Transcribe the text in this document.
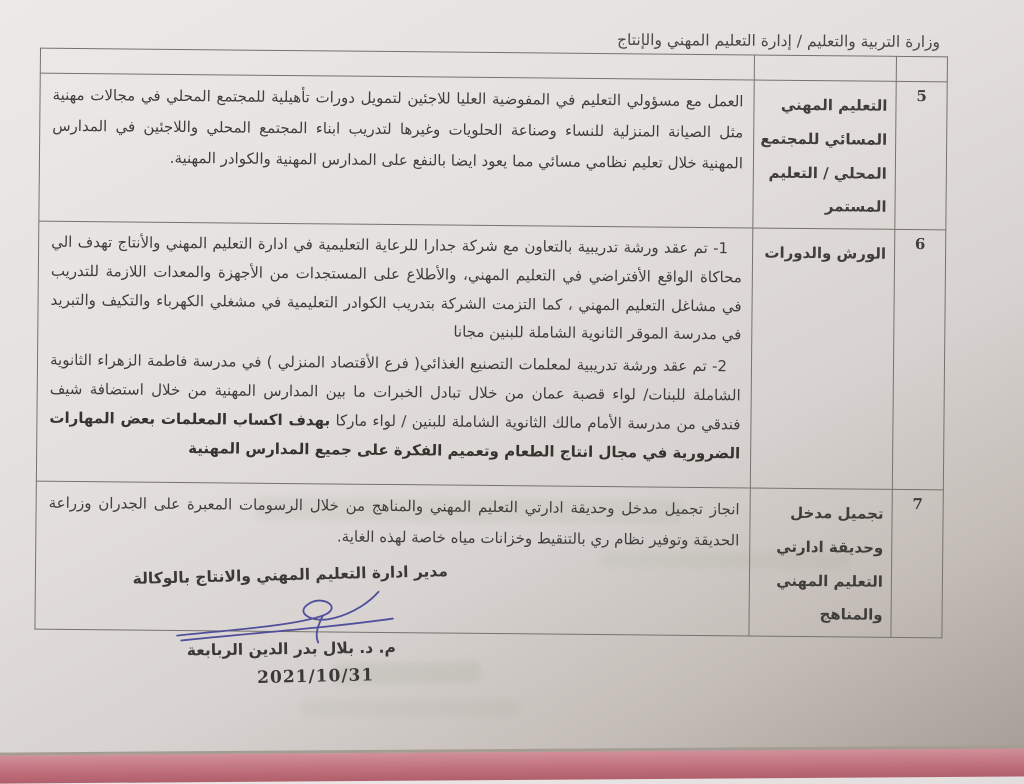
وزارة التربية والتعليم / إدارة التعليم المهني والإنتاج

5	التعليم المهني المسائي للمجتمع المحلي / التعليم المستمر	العمل مع مسؤولي التعليم في المفوضية العليا للاجئين لتمويل دورات تأهيلية للمجتمع المحلي في مجالات مهنية مثل الصيانة المنزلية للنساء وصناعة الحلويات وغيرها لتدريب ابناء المجتمع المحلي واللاجئين في المدارس المهنية خلال تعليم نظامي مسائي مما يعود ايضا بالنفع على المدارس المهنية والكوادر المهنية.
6	الورش والدورات	1- تم عقد ورشة تدريبية بالتعاون مع شركة جدارا للرعاية التعليمية في ادارة التعليم المهني والأنتاج تهدف الي محاكاة الواقع الأفتراضي في التعليم المهني، والأطلاع على المستجدات من الأجهزة والمعدات اللازمة للتدريب في مشاغل التعليم المهني ، كما التزمت الشركة بتدريب الكوادر التعليمية في مشغلي الكهرباء والتكيف والتبريد في مدرسة الموقر الثانوية الشاملة للبنين مجانا

2- تم عقد ورشة تدريبية لمعلمات التصنيع الغذائي( فرع الأقتصاد المنزلي ) في مدرسة فاطمة الزهراء الثانوية الشاملة للبنات/ لواء قصبة عمان من خلال تبادل الخبرات ما بين المدارس المهنية من خلال استضافة شيف فندقي من مدرسة الأمام مالك الثانوية الشاملة للبنين / لواء ماركا بهدف اكساب المعلمات بعض المهارات الضرورية في مجال انتاج الطعام وتعميم الفكرة على جميع المدارس المهنية

7	تجميل مدخل وحديقة ادارتي التعليم المهني والمناهج	انجاز تجميل مدخل وحديقة ادارتي التعليم المهني والمناهج من خلال الرسومات المعبرة على الجدران وزراعة الحديقة وتوفير نظام ري بالتنقيط وخزانات مياه خاصة لهذه الغاية.
مدير ادارة التعليم المهني والانتاج بالوكالة
م. د. بلال بدر الدين الربابعة
2021/10/31
